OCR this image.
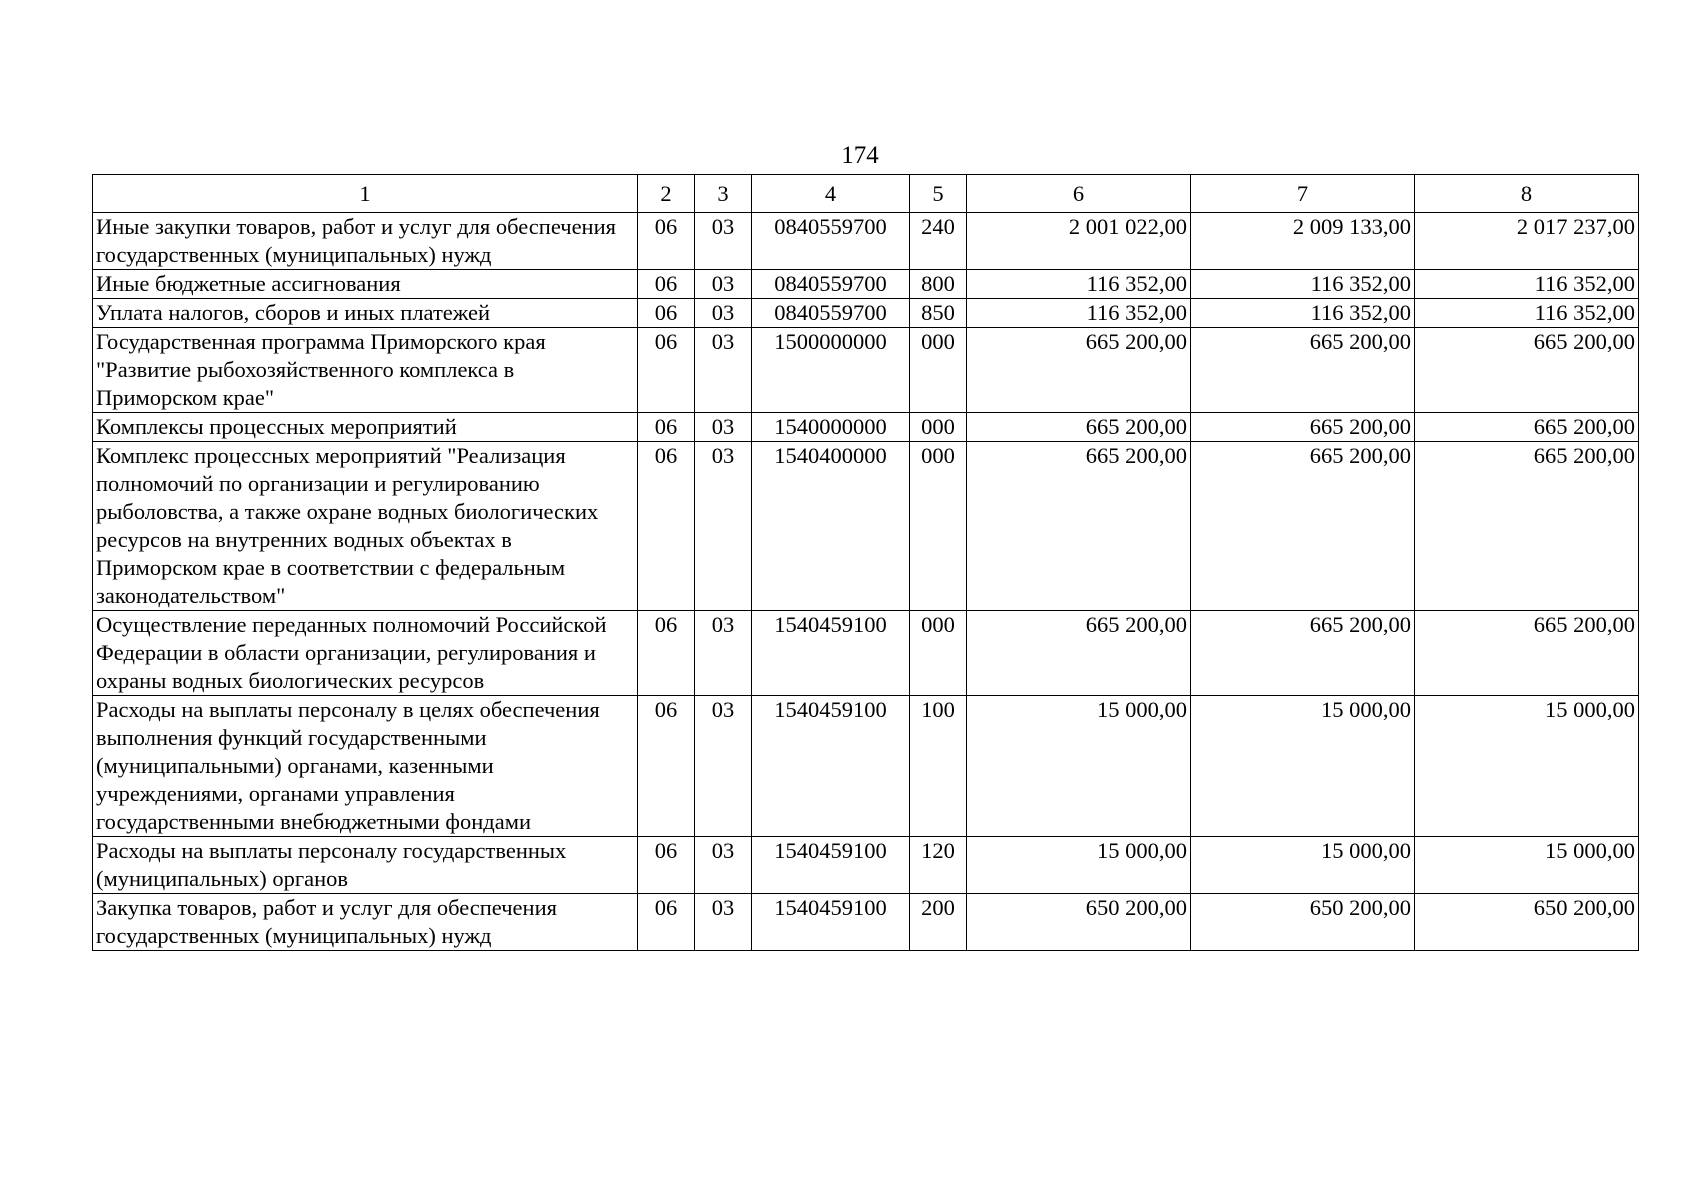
174
1	2	3	4	5	6	7	8
Иные закупки товаров, работ и услуг для обеспечения государственных (муниципальных) нужд	06	03	0840559700	240	2 001 022,00	2 009 133,00	2 017 237,00
Иные бюджетные ассигнования	06	03	0840559700	800	116 352,00	116 352,00	116 352,00
Уплата налогов, сборов и иных платежей	06	03	0840559700	850	116 352,00	116 352,00	116 352,00
Государственная программа Приморского края "Развитие рыбохозяйственного комплекса в Приморском крае"	06	03	1500000000	000	665 200,00	665 200,00	665 200,00
Комплексы процессных мероприятий	06	03	1540000000	000	665 200,00	665 200,00	665 200,00
Комплекс процессных мероприятий "Реализация полномочий по организации и регулированию рыболовства, а также охране водных биологических ресурсов на внутренних водных объектах в Приморском крае в соответствии с федеральным законодательством"	06	03	1540400000	000	665 200,00	665 200,00	665 200,00
Осуществление переданных полномочий Российской Федерации в области организации, регулирования и охраны водных биологических ресурсов	06	03	1540459100	000	665 200,00	665 200,00	665 200,00
Расходы на выплаты персоналу в целях обеспечения выполнения функций государственными (муниципальными) органами, казенными учреждениями, органами управления государственными внебюджетными фондами	06	03	1540459100	100	15 000,00	15 000,00	15 000,00
Расходы на выплаты персоналу государственных (муниципальных) органов	06	03	1540459100	120	15 000,00	15 000,00	15 000,00
Закупка товаров, работ и услуг для обеспечения государственных (муниципальных) нужд	06	03	1540459100	200	650 200,00	650 200,00	650 200,00
